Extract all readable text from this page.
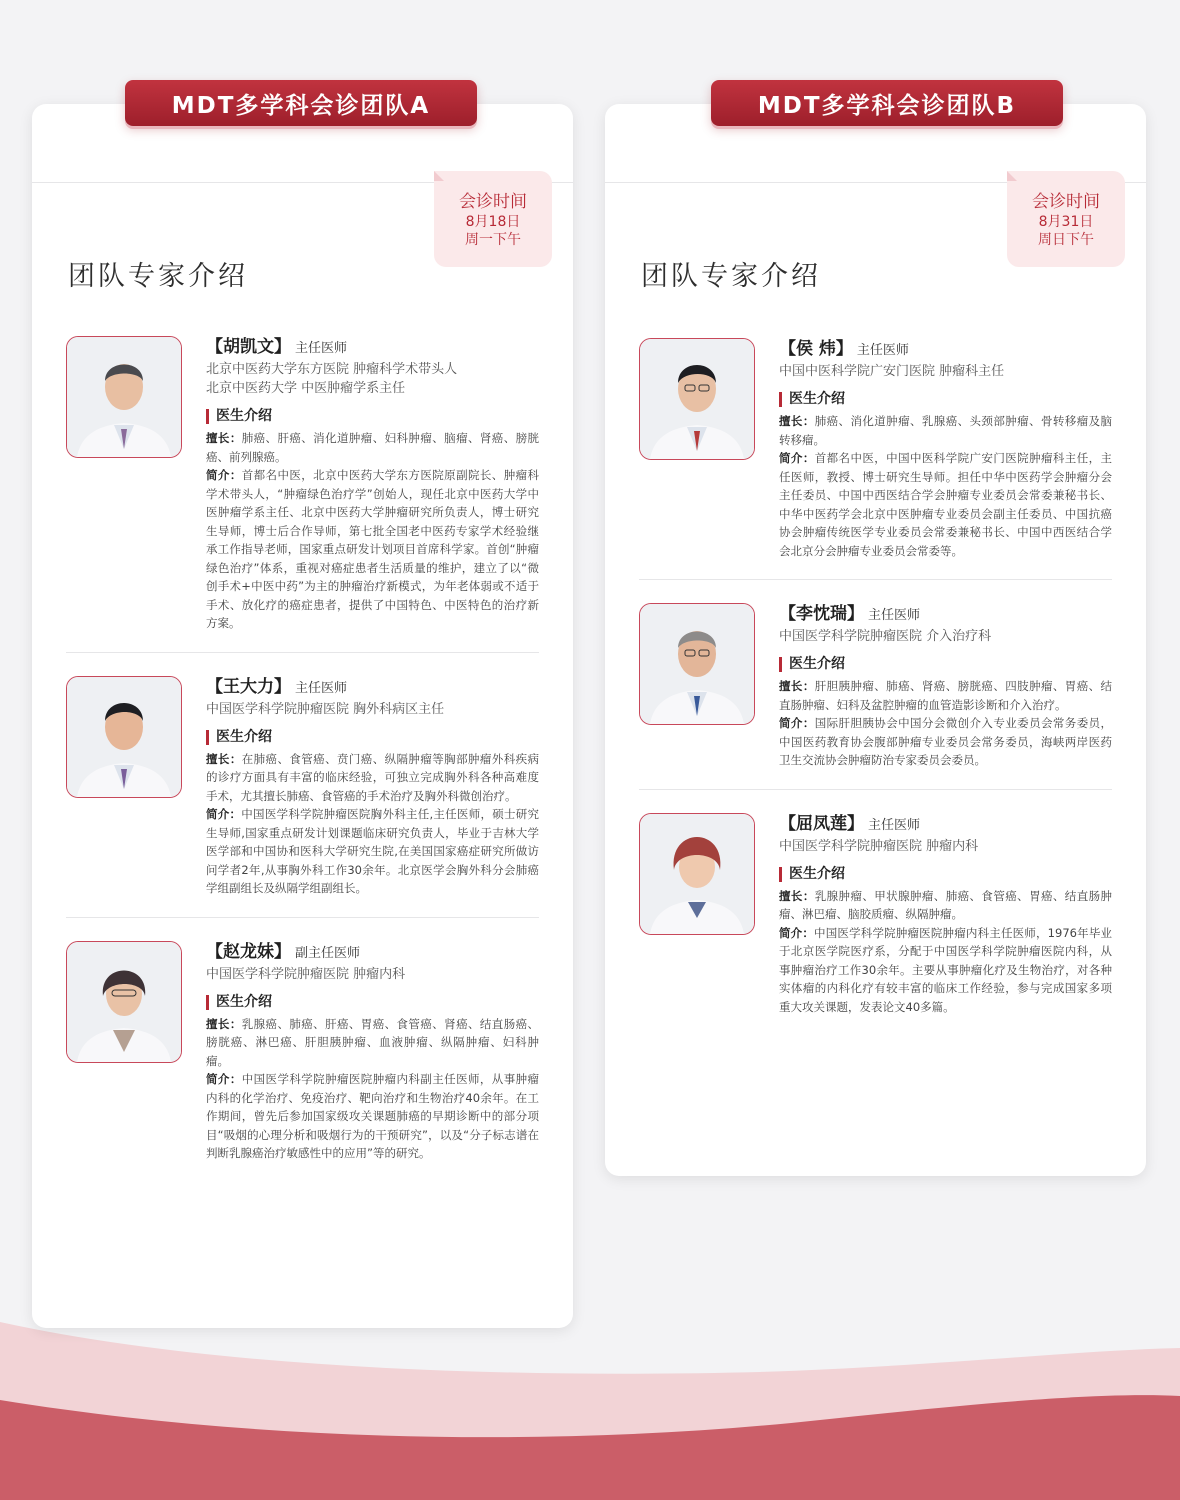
MDT多学科会诊团队A
会诊时间
8月18日
周一下午
团队专家介绍
【胡凯文】 主任医师
北京中医药大学东方医院 肿瘤科学术带头人
北京中医药大学 中医肿瘤学系主任
医生介绍
擅长：肺癌、肝癌、消化道肿瘤、妇科肿瘤、脑瘤、肾癌、膀胱癌、前列腺癌。
简介：首都名中医，北京中医药大学东方医院原副院长、肿瘤科学术带头人，“肿瘤绿色治疗学”创始人，现任北京中医药大学中医肿瘤学系主任、北京中医药大学肿瘤研究所负责人，博士研究生导师，博士后合作导师，第七批全国老中医药专家学术经验继承工作指导老师，国家重点研发计划项目首席科学家。首创“肿瘤绿色治疗”体系，重视对癌症患者生活质量的维护，建立了以“微创手术+中医中药”为主的肿瘤治疗新模式，为年老体弱或不适于手术、放化疗的癌症患者，提供了中国特色、中医特色的治疗新方案。
【王大力】 主任医师
中国医学科学院肿瘤医院 胸外科病区主任
医生介绍
擅长：在肺癌、食管癌、贲门癌、纵隔肿瘤等胸部肿瘤外科疾病的诊疗方面具有丰富的临床经验，可独立完成胸外科各种高难度手术，尤其擅长肺癌、食管癌的手术治疗及胸外科微创治疗。
简介：中国医学科学院肿瘤医院胸外科主任,主任医师，硕士研究生导师,国家重点研发计划课题临床研究负责人，毕业于吉林大学医学部和中国协和医科大学研究生院,在美国国家癌症研究所做访问学者2年,从事胸外科工作30余年。北京医学会胸外科分会肺癌学组副组长及纵隔学组副组长。
【赵龙妹】 副主任医师
中国医学科学院肿瘤医院 肿瘤内科
医生介绍
擅长：乳腺癌、肺癌、肝癌、胃癌、食管癌、肾癌、结直肠癌、膀胱癌、淋巴癌、肝胆胰肿瘤、血液肿瘤、纵隔肿瘤、妇科肿瘤。
简介：中国医学科学院肿瘤医院肿瘤内科副主任医师，从事肿瘤内科的化学治疗、免疫治疗、靶向治疗和生物治疗40余年。在工作期间，曾先后参加国家级攻关课题肺癌的早期诊断中的部分项目“吸烟的心理分析和吸烟行为的干预研究”，以及“分子标志谱在判断乳腺癌治疗敏感性中的应用”等的研究。
MDT多学科会诊团队B
会诊时间
8月31日
周日下午
团队专家介绍
【侯 炜】 主任医师
中国中医科学院广安门医院 肿瘤科主任
医生介绍
擅长：肺癌、消化道肿瘤、乳腺癌、头颈部肿瘤、骨转移瘤及脑转移瘤。
简介：首都名中医，中国中医科学院广安门医院肿瘤科主任，主任医师，教授、博士研究生导师。担任中华中医药学会肿瘤分会主任委员、中国中西医结合学会肿瘤专业委员会常委兼秘书长、中华中医药学会北京中医肿瘤专业委员会副主任委员、中国抗癌协会肿瘤传统医学专业委员会常委兼秘书长、中国中西医结合学会北京分会肿瘤专业委员会常委等。
【李忱瑞】 主任医师
中国医学科学院肿瘤医院 介入治疗科
医生介绍
擅长：肝胆胰肿瘤、肺癌、肾癌、膀胱癌、四肢肿瘤、胃癌、结直肠肿瘤、妇科及盆腔肿瘤的血管造影诊断和介入治疗。
简介：国际肝胆胰协会中国分会微创介入专业委员会常务委员，中国医药教育协会腹部肿瘤专业委员会常务委员，海峡两岸医药卫生交流协会肿瘤防治专家委员会委员。
【屈凤莲】 主任医师
中国医学科学院肿瘤医院 肿瘤内科
医生介绍
擅长：乳腺肿瘤、甲状腺肿瘤、肺癌、食管癌、胃癌、结直肠肿瘤、淋巴瘤、脑胶质瘤、纵隔肿瘤。
简介：中国医学科学院肿瘤医院肿瘤内科主任医师，1976年毕业于北京医学院医疗系，分配于中国医学科学院肿瘤医院内科，从事肿瘤治疗工作30余年。主要从事肿瘤化疗及生物治疗，对各种实体瘤的内科化疗有较丰富的临床工作经验，参与完成国家多项重大攻关课题，发表论文40多篇。
